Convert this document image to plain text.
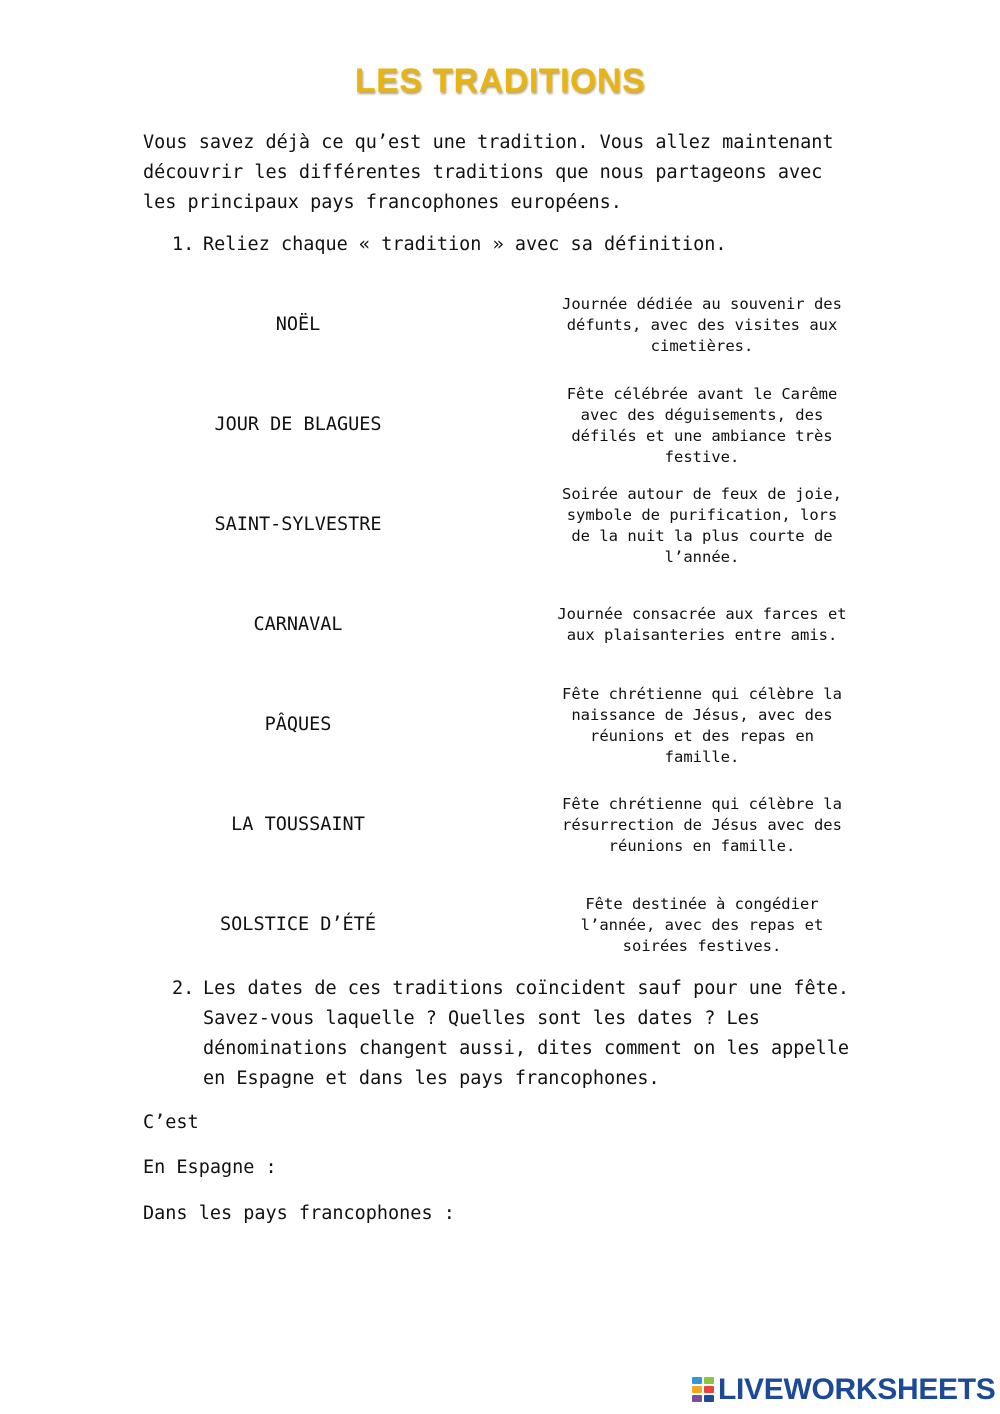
LES TRADITIONS
Vous savez déjà ce qu’est une tradition. Vous allez maintenant découvrir les différentes traditions que nous partageons avec les principaux pays francophones européens.
1. Reliez chaque « tradition » avec sa définition.
NOËL
JOUR DE BLAGUES
SAINT-SYLVESTRE
CARNAVAL
PÂQUES
LA TOUSSAINT
SOLSTICE D’ÉTÉ
Journée dédiée au souvenir des défunts, avec des visites aux cimetières.
Fête célébrée avant le Carême avec des déguisements, des défilés et une ambiance très festive.
Soirée autour de feux de joie, symbole de purification, lors de la nuit la plus courte de l’année.
Journée consacrée aux farces et aux plaisanteries entre amis.
Fête chrétienne qui célèbre la naissance de Jésus, avec des réunions et des repas en famille.
Fête chrétienne qui célèbre la résurrection de Jésus avec des réunions en famille.
Fête destinée à congédier l’année, avec des repas et soirées festives.
2. Les dates de ces traditions coïncident sauf pour une fête. Savez-vous laquelle ? Quelles sont les dates ? Les dénominations changent aussi, dites comment on les appelle en Espagne et dans les pays francophones.
C’est
En Espagne :
Dans les pays francophones :
LIVEWORKSHEETS
